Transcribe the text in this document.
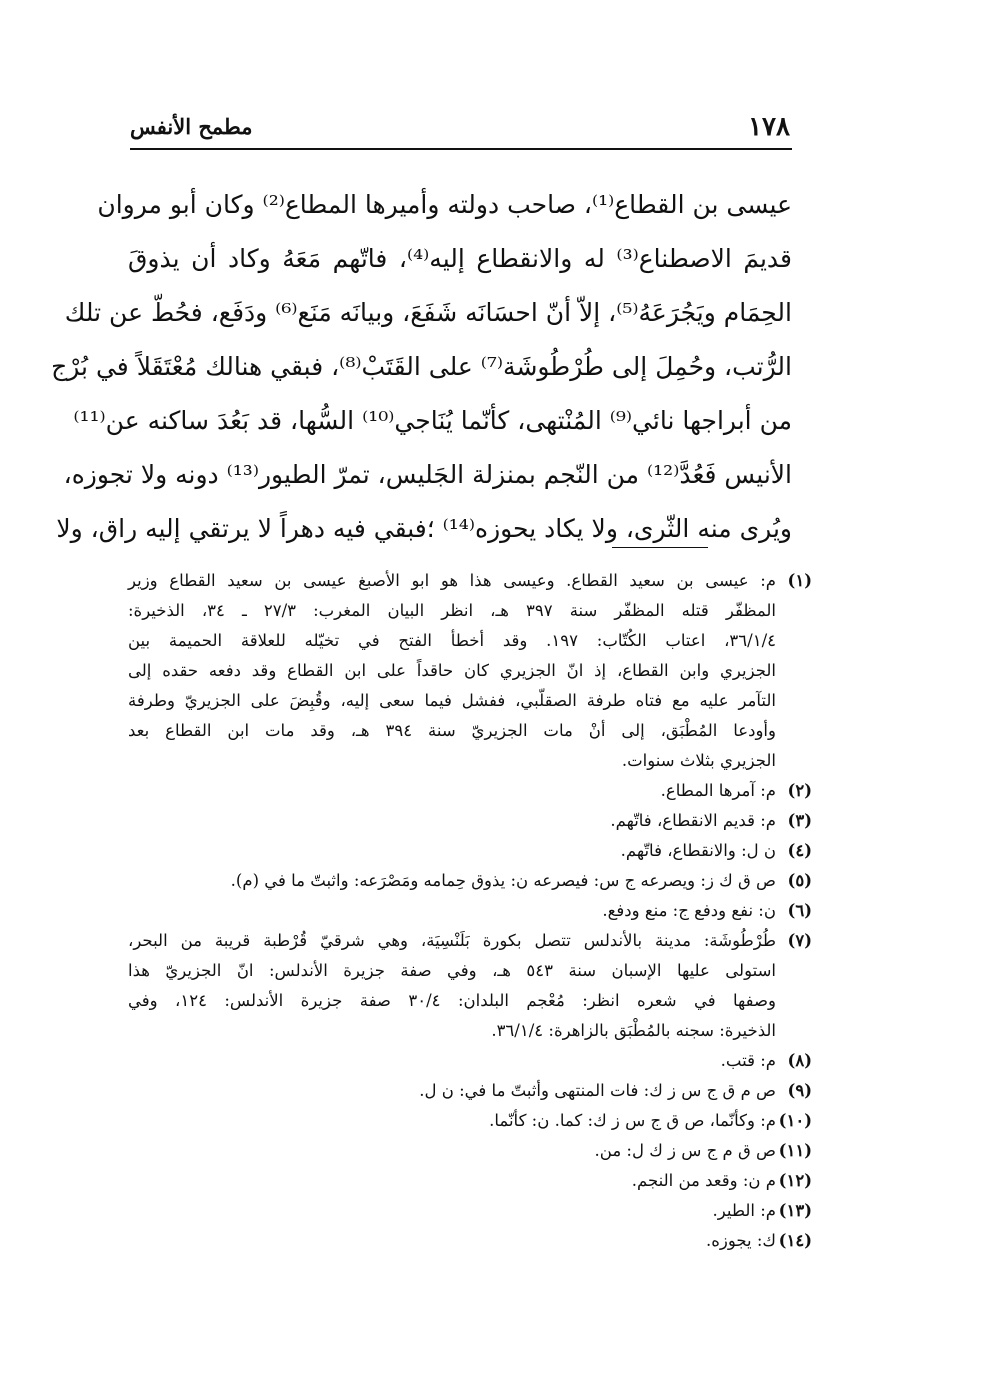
١٧٨
مطمح الأنفس
عيسى بن القطاع⁽¹⁾، صاحب دولته وأميرها المطاع⁽²⁾ وكان أبو مروان
قديمَ الاصطناع⁽³⁾ له والانقطاع إليه⁽⁴⁾، فاتّهم مَعَهُ وكاد أن يذوقَ
الحِمَام ويَجُرَعَهُ⁽⁵⁾، إلاّ أنّ احسَانَه شَفَعَ، وبيانَه مَنَع⁽⁶⁾ ودَفَع، فحُطّ عن تلك
الرُّتب، وحُمِلَ إلى طُرْطُوشَة⁽⁷⁾ على القَتَبْ⁽⁸⁾، فبقي هنالك مُعْتَقَلاً في بُرْج
من أبراجها نائي⁽⁹⁾ المُنْتهى، كأنّما يُنَاجي⁽¹⁰⁾ السُّها، قد بَعُدَ ساكنه عن⁽¹¹⁾
الأنيس فَعُدَّ⁽¹²⁾ من النّجم بمنزلة الجَليس، تمرّ الطيور⁽¹³⁾ دونه ولا تجوزه،
ويُرى منه الثّرى، ولا يكاد يحوزه⁽¹⁴⁾ ؛فبقي فيه دهراً لا يرتقي إليه راق، ولا
(١)
م: عيسى بن سعيد القطاع. وعيسى هذا هو ابو الأصبغ عيسى بن سعيد القطاع وزير
المظفّر قتله المظفّر سنة ٣٩٧ هـ، انظر البيان المغرب: ٢٧/٣ ـ ٣٤، الذخيرة:
٣٦/١/٤، اعتاب الكُتّاب: ١٩٧. وقد أخطأ الفتح في تخيّله للعلاقة الحميمة بين
الجزيري وابن القطاع، إذ انّ الجزيري كان حاقداً على ابن القطاع وقد دفعه حقده إلى
التآمر عليه مع فتاه طرفة الصقلّبي، ففشل فيما سعى إليه، وقُبِضَ على الجزيريّ وطرفة
وأودعا المُطْبَق، إلى أنْ مات الجزيريّ سنة ٣٩٤ هـ، وقد مات ابن القطاع بعد
الجزيري بثلاث سنوات.
(٢)
م: آمرها المطاع.
(٣)
م: قديم الانقطاع، فاتّهم.
(٤)
ن ل: والانقطاع، فاتّهم.
(٥)
ص ق ك ز: ويصرعه ج س: فيصرعه ن: يذوق حِمامه ومَصْرَعه: واثبتّ ما في (م).
(٦)
ن: نفع ودفع ج: منع ودفع.
(٧)
طُرْطُوشَة: مدينة بالأندلس تتصل بكورة بَلَنْسِيَة، وهي شرقيّ قُرْطبة قريبة من البحر،
استولى عليها الإسبان سنة ٥٤٣ هـ، وفي صفة جزيرة الأندلس: انّ الجزيريّ هذا
وصفها في شعره انظر: مُعْجم البلدان: ٣٠/٤ صفة جزيرة الأندلس: ١٢٤، وفي
الذخيرة: سجنه بالمُطْبَق بالزاهرة: ٣٦/١/٤.
(٨)
م: قتب.
(٩)
ص م ق ج س ز ك: فات المنتهى وأثبتّ ما في: ن ل.
(١٠)
م: وكأنّما، ص ق ج س ز ك: كما. ن: كأنّما.
(١١)
ص ق م ج س ز ك ل: من.
(١٢)
م ن: وقعد من النجم.
(١٣)
م: الطير.
(١٤)
ك: يجوزه.
